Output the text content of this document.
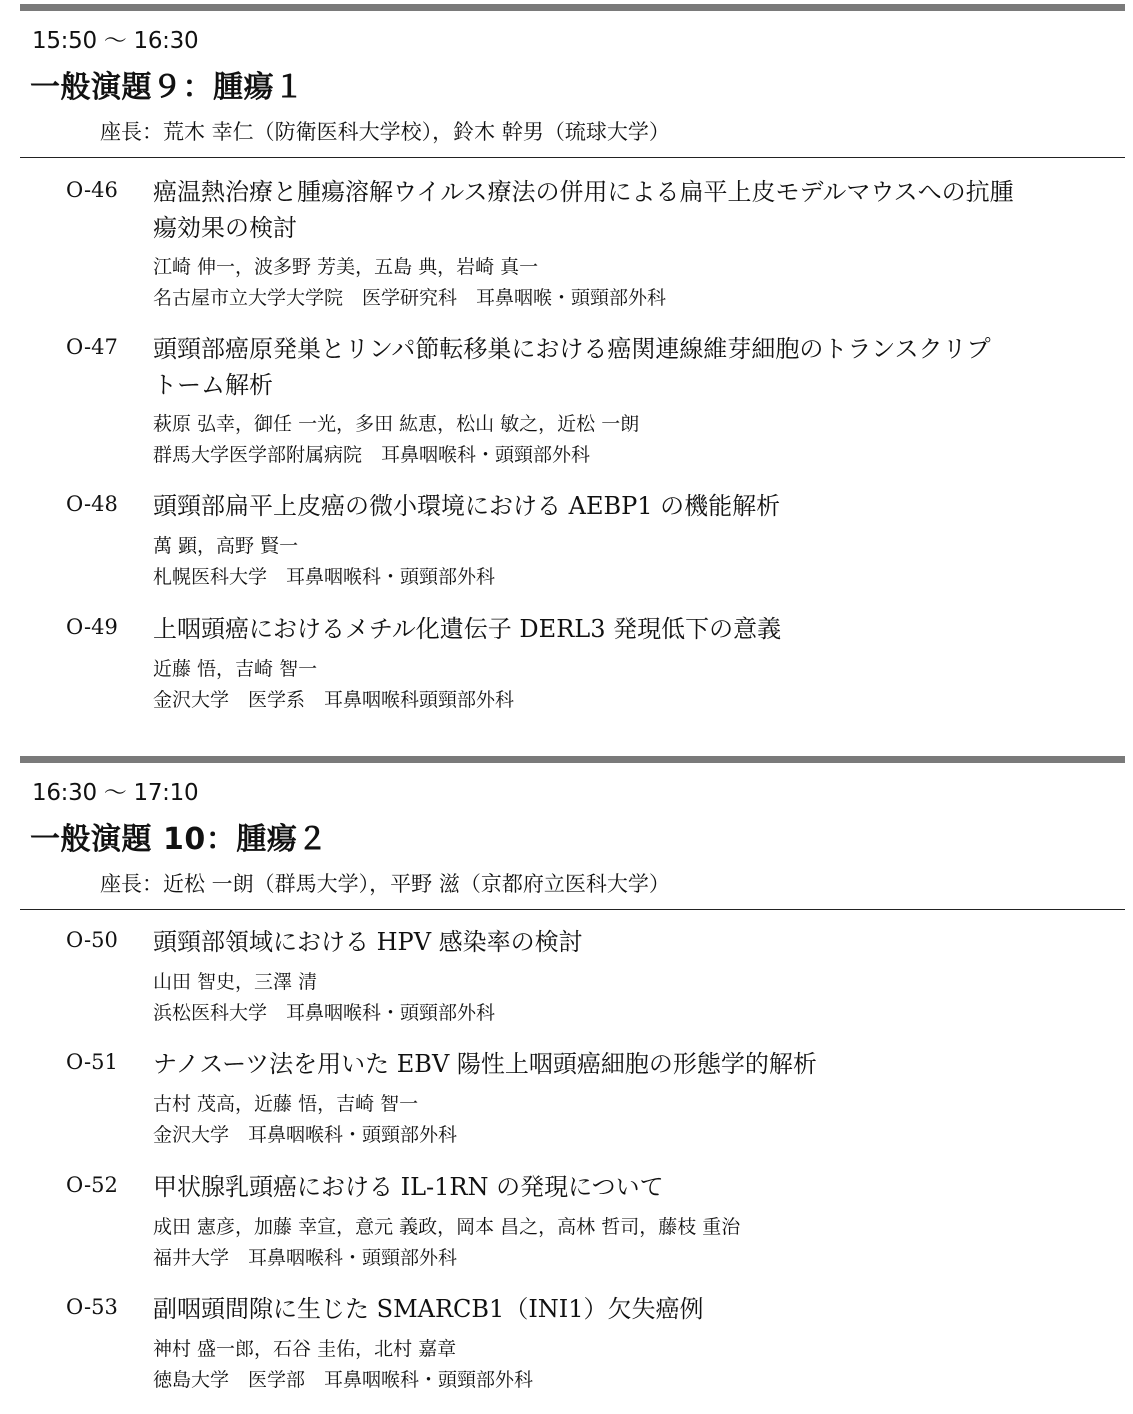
15:50 〜 16:30
一般演題９：腫瘍１
座長：荒木 幸仁（防衛医科大学校），鈴木 幹男（琉球大学）
O-46 癌温熱治療と腫瘍溶解ウイルス療法の併用による扁平上皮モデルマウスへの抗腫
瘍効果の検討
江崎 伸一，波多野 芳美，五島 典，岩崎 真一
名古屋市立大学大学院　医学研究科　耳鼻咽喉・頭頸部外科
O-47 頭頸部癌原発巣とリンパ節転移巣における癌関連線維芽細胞のトランスクリプ
トーム解析
萩原 弘幸，御任 一光，多田 紘恵，松山 敏之，近松 一朗
群馬大学医学部附属病院　耳鼻咽喉科・頭頸部外科
O-48 頭頸部扁平上皮癌の微小環境における AEBP1 の機能解析
萬 顕，高野 賢一
札幌医科大学　耳鼻咽喉科・頭頸部外科
O-49 上咽頭癌におけるメチル化遺伝子 DERL3 発現低下の意義
近藤 悟，吉崎 智一
金沢大学　医学系　耳鼻咽喉科頭頸部外科
16:30 〜 17:10
一般演題 10：腫瘍２
座長：近松 一朗（群馬大学），平野 滋（京都府立医科大学）
O-50 頭頸部領域における HPV 感染率の検討
山田 智史，三澤 清
浜松医科大学　耳鼻咽喉科・頭頸部外科
O-51 ナノスーツ法を用いた EBV 陽性上咽頭癌細胞の形態学的解析
古村 茂高，近藤 悟，吉崎 智一
金沢大学　耳鼻咽喉科・頭頸部外科
O-52 甲状腺乳頭癌における IL-1RN の発現について
成田 憲彦，加藤 幸宣，意元 義政，岡本 昌之，高林 哲司，藤枝 重治
福井大学　耳鼻咽喉科・頭頸部外科
O-53 副咽頭間隙に生じた SMARCB1（INI1）欠失癌例
神村 盛一郎，石谷 圭佑，北村 嘉章
徳島大学　医学部　耳鼻咽喉科・頭頸部外科
